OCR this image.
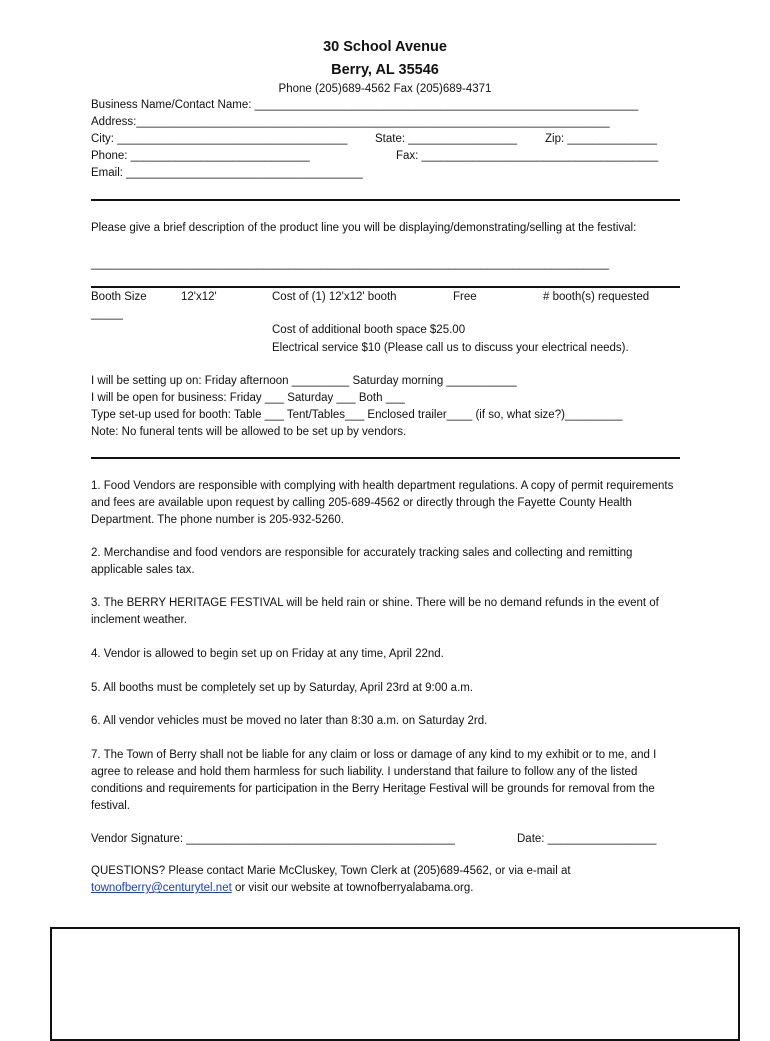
30 School Avenue
Berry, AL 35546
Phone (205)689-4562 Fax (205)689-4371
Business Name/Contact Name: ____________________________________________________________
Address:__________________________________________________________________________
City: ____________________________________ State: _________________ Zip: ______________
Phone: ____________________________	Fax: _____________________________________
Email: _____________________________________
Please give a brief description of the product line you will be displaying/demonstrating/selling at the festival:
_________________________________________________________________________________
Booth Size	12'x12'	Cost of (1) 12'x12' booth	Free	# booth(s) requested
_____
Cost of additional booth space $25.00
Electrical service $10 (Please call us to discuss your electrical needs).
I will be setting up on: Friday afternoon _________ Saturday morning ___________
I will be open for business: Friday ___ Saturday ___ Both ___
Type set-up used for booth: Table ___ Tent/Tables___ Enclosed trailer____ (if so, what size?)_________
Note: No funeral tents will be allowed to be set up by vendors.
1. Food Vendors are responsible with complying with health department regulations. A copy of permit requirements and fees are available upon request by calling 205-689-4562 or directly through the Fayette County Health Department. The phone number is 205-932-5260.
2. Merchandise and food vendors are responsible for accurately tracking sales and collecting and remitting applicable sales tax.
3. The BERRY HERITAGE FESTIVAL will be held rain or shine. There will be no demand refunds in the event of inclement weather.
4. Vendor is allowed to begin set up on Friday at any time, April 22nd.
5. All booths must be completely set up by Saturday, April 23rd at 9:00 a.m.
6. All vendor vehicles must be moved no later than 8:30 a.m. on Saturday 2rd.
7. The Town of Berry shall not be liable for any claim or loss or damage of any kind to my exhibit or to me, and I agree to release and hold them harmless for such liability. I understand that failure to follow any of the listed conditions and requirements for participation in the Berry Heritage Festival will be grounds for removal from the festival.
Vendor Signature: __________________________________________	Date: _________________
QUESTIONS? Please contact Marie McCluskey, Town Clerk at (205)689-4562, or via e-mail at
townofberry@centurytel.net or visit our website at townofberryalabama.org.
